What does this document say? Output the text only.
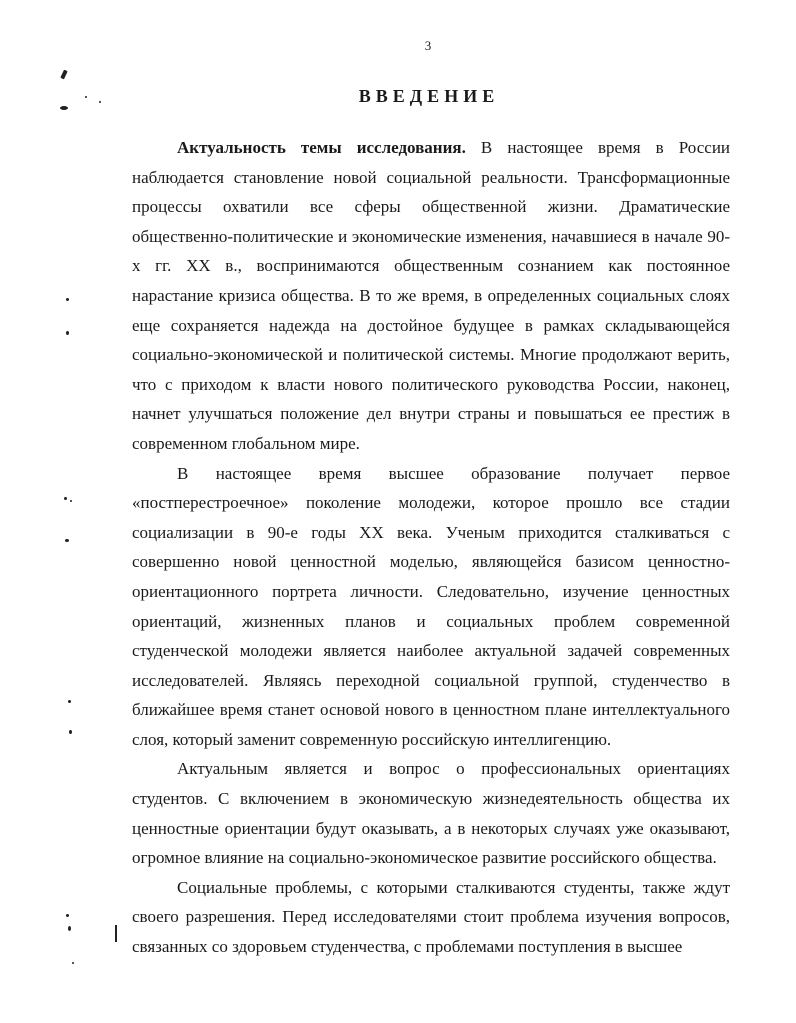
3
ВВЕДЕНИЕ

Актуальность темы исследования. В настоящее время в России наблюдается становление новой социальной реальности. Трансформационные процессы охватили все сферы общественной жизни. Драматические общественно-политические и экономические изменения, начавшиеся в начале 90-х гг. XX в., воспринимаются общественным сознанием как постоянное нарастание кризиса общества. В то же время, в определенных социальных слоях еще сохраняется надежда на достойное будущее в рамках складывающейся социально-экономической и политической системы. Многие продолжают верить, что с приходом к власти нового политического руководства России, наконец, начнет улучшаться положение дел внутри страны и повышаться ее престиж в современном глобальном мире.

В настоящее время высшее образование получает первое «постперестроечное» поколение молодежи, которое прошло все стадии социализации в 90-е годы XX века. Ученым приходится сталкиваться с совершенно новой ценностной моделью, являющейся базисом ценностно-ориентационного портрета личности. Следовательно, изучение ценностных ориентаций, жизненных планов и социальных проблем современной студенческой молодежи является наиболее актуальной задачей современных исследователей. Являясь переходной социальной группой, студенчество в ближайшее время станет основой нового в ценностном плане интеллектуального слоя, который заменит современную российскую интеллигенцию.

Актуальным является и вопрос о профессиональных ориентациях студентов. С включением в экономическую жизнедеятельность общества их ценностные ориентации будут оказывать, а в некоторых случаях уже оказывают, огромное влияние на социально-экономическое развитие российского общества.

Социальные проблемы, с которыми сталкиваются студенты, также ждут своего разрешения. Перед исследователями стоит проблема изучения вопросов, связанных со здоровьем студенчества, с проблемами поступления в высшее
